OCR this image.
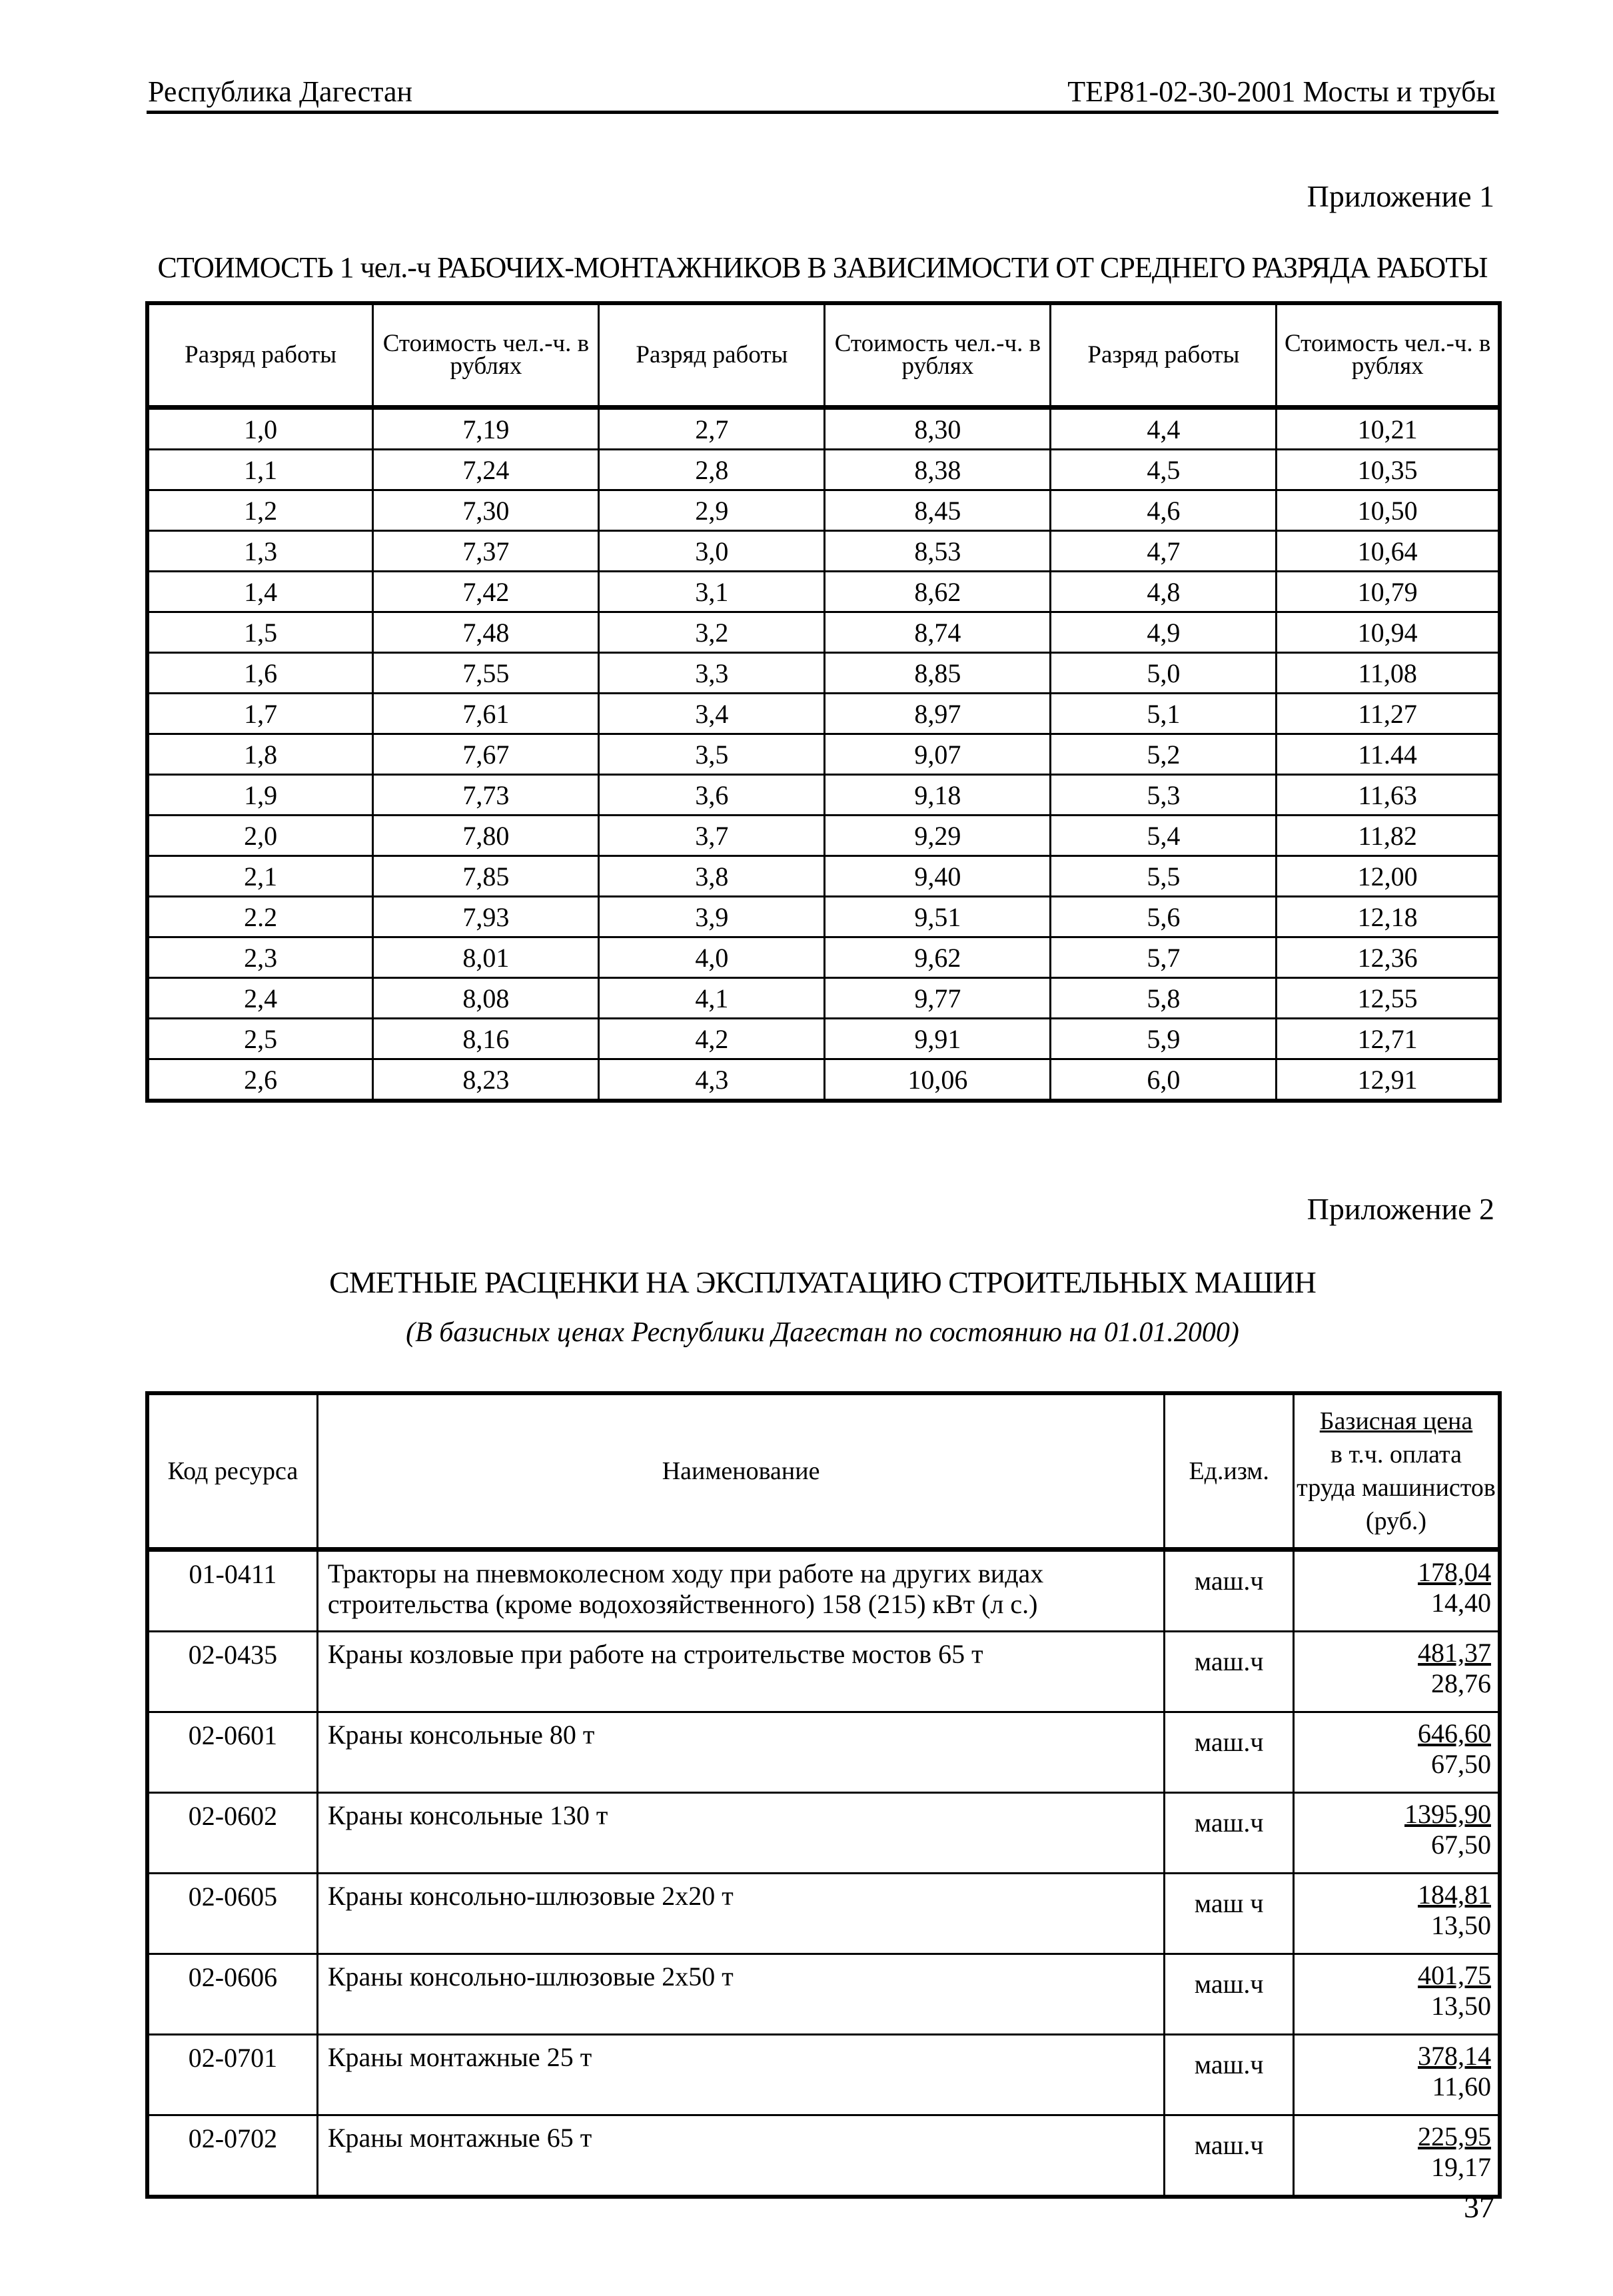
Республика Дагестан	ТЕР81-02-30-2001 Мосты и трубы
Приложение 1
СТОИМОСТЬ 1 чел.-ч РАБОЧИХ-МОНТАЖНИКОВ В ЗАВИСИМОСТИ ОТ СРЕДНЕГО РАЗРЯДА РАБОТЫ
Разряд работы	Стоимость чел.-ч. в рублях	Разряд работы	Стоимость чел.-ч. в рублях	Разряд работы	Стоимость чел.-ч. в рублях
1,0	7,19	2,7	8,30	4,4	10,21
1,1	7,24	2,8	8,38	4,5	10,35
1,2	7,30	2,9	8,45	4,6	10,50
1,3	7,37	3,0	8,53	4,7	10,64
1,4	7,42	3,1	8,62	4,8	10,79
1,5	7,48	3,2	8,74	4,9	10,94
1,6	7,55	3,3	8,85	5,0	11,08
1,7	7,61	3,4	8,97	5,1	11,27
1,8	7,67	3,5	9,07	5,2	11.44
1,9	7,73	3,6	9,18	5,3	11,63
2,0	7,80	3,7	9,29	5,4	11,82
2,1	7,85	3,8	9,40	5,5	12,00
2.2	7,93	3,9	9,51	5,6	12,18
2,3	8,01	4,0	9,62	5,7	12,36
2,4	8,08	4,1	9,77	5,8	12,55
2,5	8,16	4,2	9,91	5,9	12,71
2,6	8,23	4,3	10,06	6,0	12,91
Приложение 2
СМЕТНЫЕ РАСЦЕНКИ НА ЭКСПЛУАТАЦИЮ СТРОИТЕЛЬНЫХ МАШИН
(В базисных ценах Республики Дагестан по состоянию на 01.01.2000)
Код ресурса	Наименование	Ед.изм.	Базисная цена
в т.ч. оплата
труда машинистов
(руб.)

01-0411	Тракторы на пневмоколесном ходу при работе на других видах строительства (кроме водохозяйственного) 158 (215) кВт (л с.)	маш.ч	178,04
14,40

02-0435	Краны козловые при работе на строительстве мостов 65 т	маш.ч	481,37
28,76

02-0601	Краны консольные 80 т	маш.ч	646,60
67,50

02-0602	Краны консольные 130 т	маш.ч	1395,90
67,50

02-0605	Краны консольно-шлюзовые 2х20 т	маш ч	184,81
13,50

02-0606	Краны консольно-шлюзовые 2х50 т	маш.ч	401,75
13,50

02-0701	Краны монтажные 25 т	маш.ч	378,14
11,60

02-0702	Краны монтажные 65 т	маш.ч	225,95
19,17
37
